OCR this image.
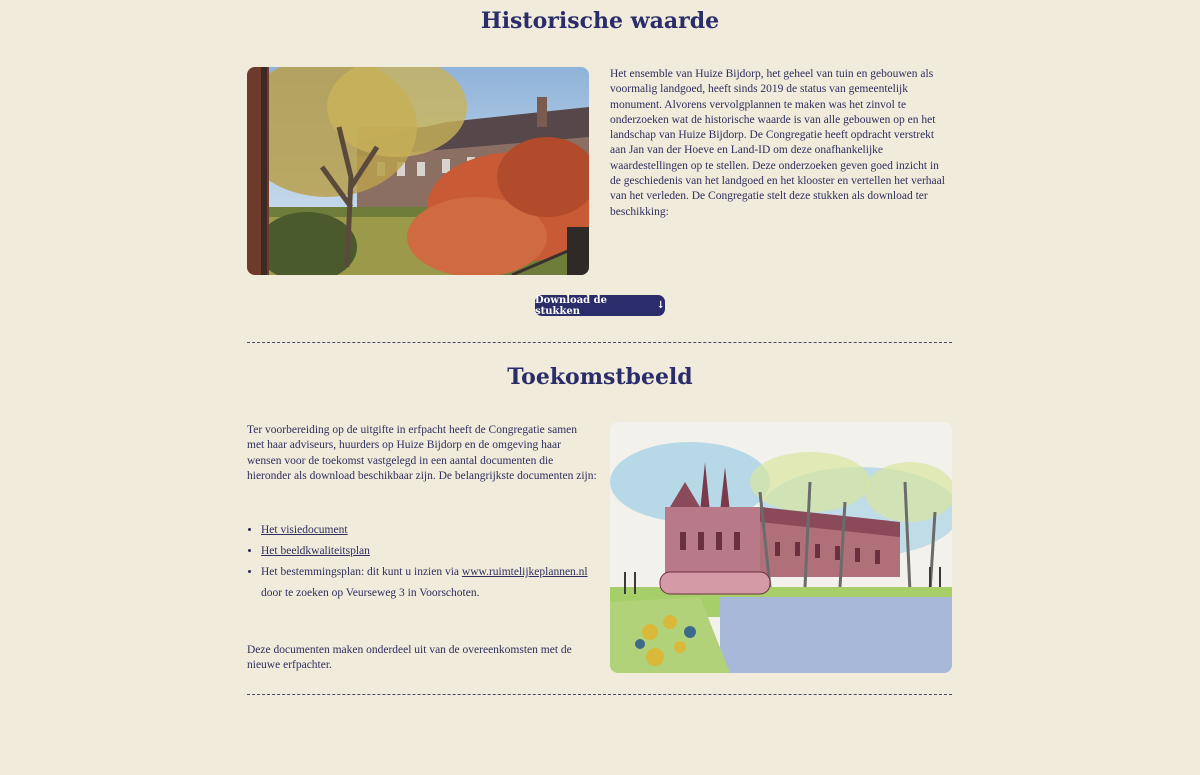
Historische waarde
Het ensemble van Huize Bijdorp, het geheel van tuin en gebouwen als voormalig landgoed, heeft sinds 2019 de status van gemeentelijk monument. Alvorens vervolgplannen te maken was het zinvol te onderzoeken wat de historische waarde is van alle gebouwen op en het landschap van Huize Bijdorp. De Congregatie heeft opdracht verstrekt aan Jan van der Hoeve en Land-ID om deze onafhankelijke waardestellingen op te stellen. Deze onderzoeken geven goed inzicht in de geschiedenis van het landgoed en het klooster en vertellen het verhaal van het verleden. De Congregatie stelt deze stukken als download ter beschikking:
Download de stukken	↓
Toekomstbeeld
Ter voorbereiding op de uitgifte in erfpacht heeft de Congregatie samen met haar adviseurs, huurders op Huize Bijdorp en de omgeving haar wensen voor de toekomst vastgelegd in een aantal documenten die hieronder als download beschikbaar zijn. De belangrijkste documenten zijn:
• Het visiedocument
• Het beeldkwaliteitsplan
• Het bestemmingsplan: dit kunt u inzien via www.ruimtelijkeplannen.nl door te zoeken op Veurseweg 3 in Voorschoten.
Deze documenten maken onderdeel uit van de overeenkomsten met de nieuwe erfpachter.
